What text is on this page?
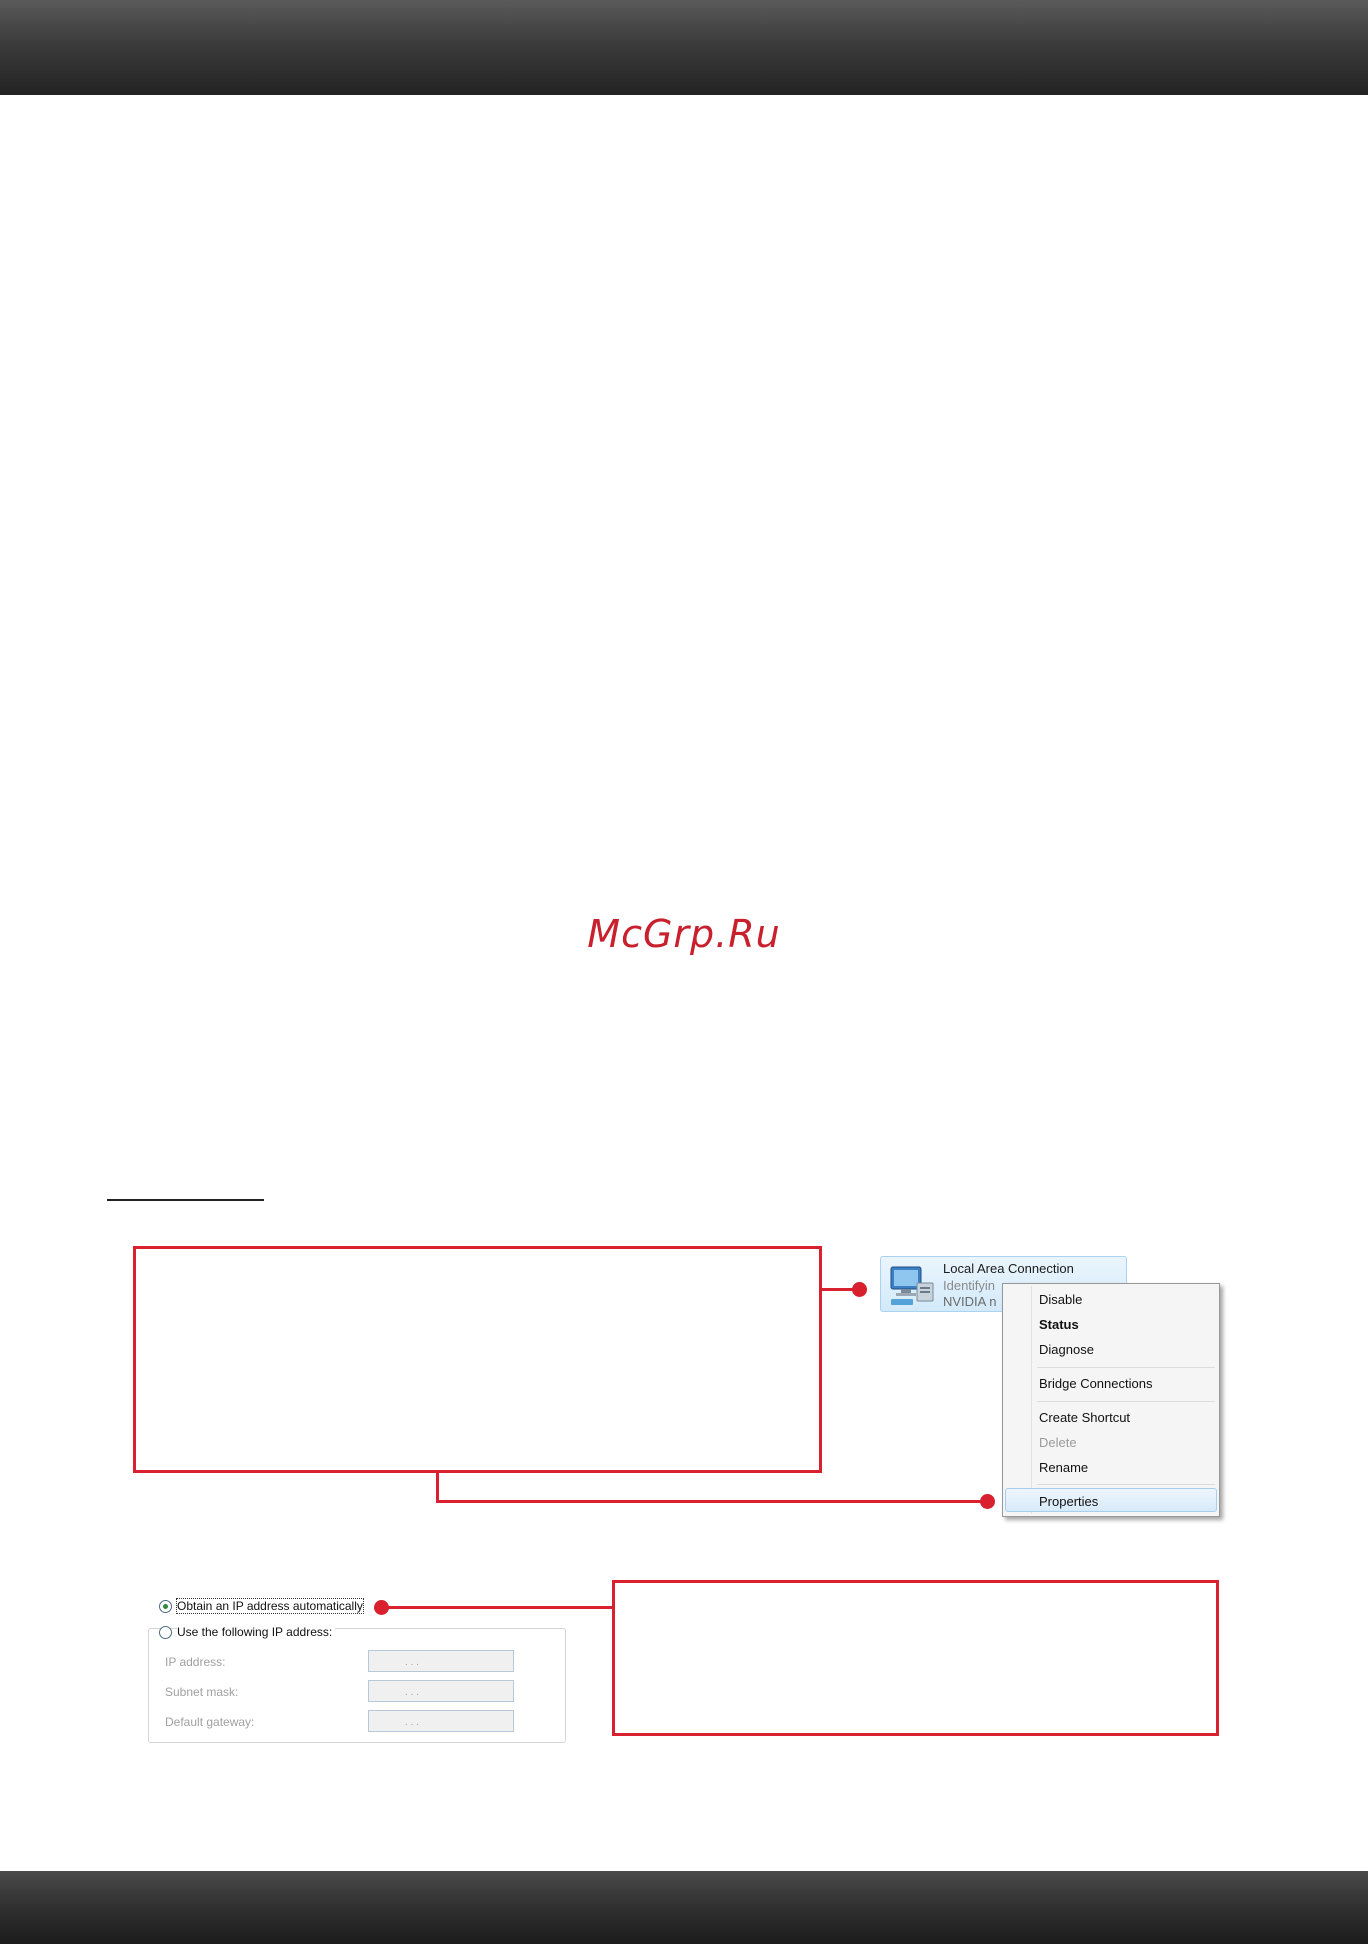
McGrp.Ru
Local Area Connection
Identifyin
NVIDIA n	Disable
Status
Diagnose
Bridge Connections
Create Shortcut
Delete
Rename
Properties
Obtain an IP address automatically
IP address:	. . .
Subnet mask:	. . .
Default gateway:	. . .
Use the following IP address:
